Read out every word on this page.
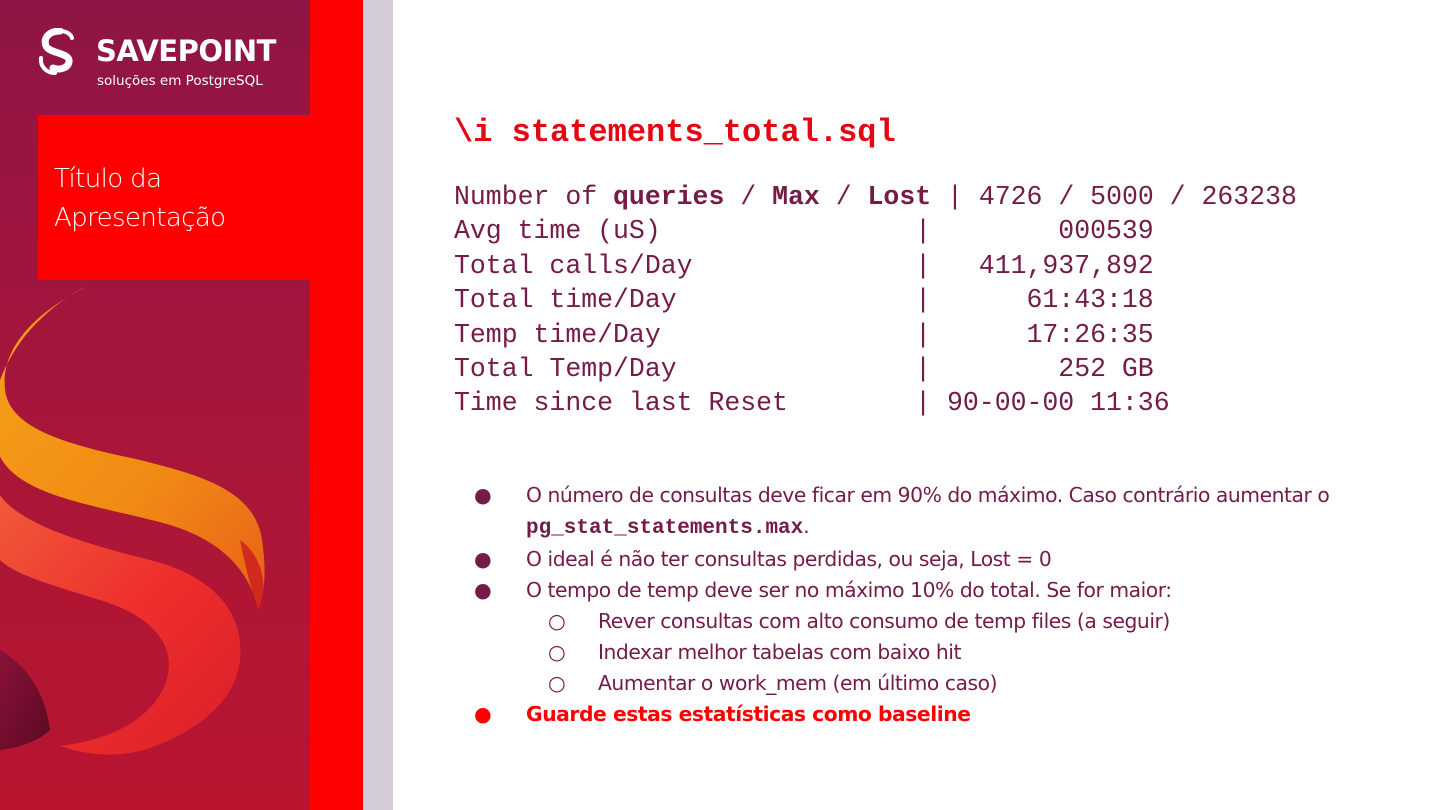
SAVEPOINT
soluções em PostgreSQL
Título da
Apresentação
\i statements_total.sql
Number of queries / Max / Lost | 4726 / 5000 / 263238
Avg time (uS)                |        000539
Total calls/Day              |   411,937,892
Total time/Day               |      61:43:18
Temp time/Day                |      17:26:35
Total Temp/Day               |        252 GB
Time since last Reset        | 90-00-00 11:36
● O número de consultas deve ficar em 90% do máximo. Caso contrário aumentar o
pg_stat_statements.max.
● O ideal é não ter consultas perdidas, ou seja, Lost = 0
● O tempo de temp deve ser no máximo 10% do total. Se for maior:
○ Rever consultas com alto consumo de temp files (a seguir)
○ Indexar melhor tabelas com baixo hit
○ Aumentar o work_mem (em último caso)
● Guarde estas estatísticas como baseline
